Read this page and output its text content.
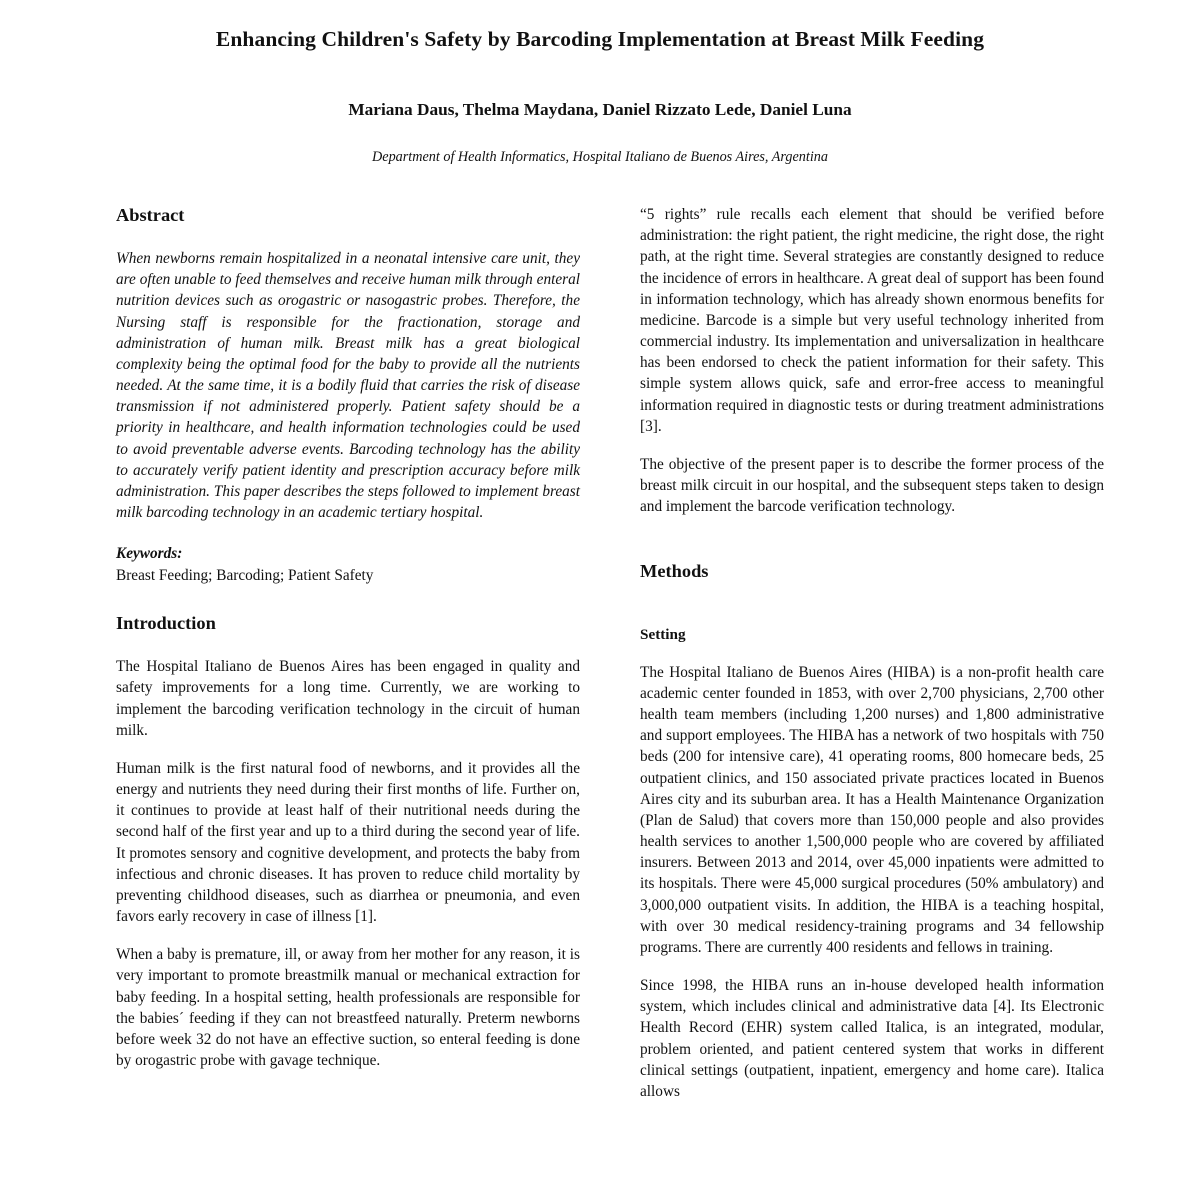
Enhancing Children's Safety by Barcoding Implementation at Breast Milk Feeding
Mariana Daus, Thelma Maydana, Daniel Rizzato Lede, Daniel Luna
Department of Health Informatics, Hospital Italiano de Buenos Aires, Argentina
Abstract

When newborns remain hospitalized in a neonatal intensive care unit, they are often unable to feed themselves and receive human milk through enteral nutrition devices such as orogastric or nasogastric probes. Therefore, the Nursing staff is responsible for the fractionation, storage and administration of human milk. Breast milk has a great biological complexity being the optimal food for the baby to provide all the nutrients needed. At the same time, it is a bodily fluid that carries the risk of disease transmission if not administered properly. Patient safety should be a priority in healthcare, and health information technologies could be used to avoid preventable adverse events. Barcoding technology has the ability to accurately verify patient identity and prescription accuracy before milk administration. This paper describes the steps followed to implement breast milk barcoding technology in an academic tertiary hospital.

Keywords:

Breast Feeding; Barcoding; Patient Safety

Introduction

The Hospital Italiano de Buenos Aires has been engaged in quality and safety improvements for a long time. Currently, we are working to implement the barcoding verification technology in the circuit of human milk.

Human milk is the first natural food of newborns, and it provides all the energy and nutrients they need during their first months of life. Further on, it continues to provide at least half of their nutritional needs during the second half of the first year and up to a third during the second year of life. It promotes sensory and cognitive development, and protects the baby from infectious and chronic diseases. It has proven to reduce child mortality by preventing childhood diseases, such as diarrhea or pneumonia, and even favors early recovery in case of illness [1].

When a baby is premature, ill, or away from her mother for any reason, it is very important to promote breastmilk manual or mechanical extraction for baby feeding. In a hospital setting, health professionals are responsible for the babies´ feeding if they can not breastfeed naturally. Preterm newborns before week 32 do not have an effective suction, so enteral feeding is done by orogastric probe with gavage technique.

“5 rights” rule recalls each element that should be verified before administration: the right patient, the right medicine, the right dose, the right path, at the right time. Several strategies are constantly designed to reduce the incidence of errors in healthcare. A great deal of support has been found in information technology, which has already shown enormous benefits for medicine. Barcode is a simple but very useful technology inherited from commercial industry. Its implementation and universalization in healthcare has been endorsed to check the patient information for their safety. This simple system allows quick, safe and error-free access to meaningful information required in diagnostic tests or during treatment administrations [3].

The objective of the present paper is to describe the former process of the breast milk circuit in our hospital, and the subsequent steps taken to design and implement the barcode verification technology.

Methods
Setting

The Hospital Italiano de Buenos Aires (HIBA) is a non-profit health care academic center founded in 1853, with over 2,700 physicians, 2,700 other health team members (including 1,200 nurses) and 1,800 administrative and support employees. The HIBA has a network of two hospitals with 750 beds (200 for intensive care), 41 operating rooms, 800 homecare beds, 25 outpatient clinics, and 150 associated private practices located in Buenos Aires city and its suburban area. It has a Health Maintenance Organization (Plan de Salud) that covers more than 150,000 people and also provides health services to another 1,500,000 people who are covered by affiliated insurers. Between 2013 and 2014, over 45,000 inpatients were admitted to its hospitals. There were 45,000 surgical procedures (50% ambulatory) and 3,000,000 outpatient visits. In addition, the HIBA is a teaching hospital, with over 30 medical residency-training programs and 34 fellowship programs. There are currently 400 residents and fellows in training.

Since 1998, the HIBA runs an in-house developed health information system, which includes clinical and administrative data [4]. Its Electronic Health Record (EHR) system called Italica, is an integrated, modular, problem oriented, and patient centered system that works in different clinical settings (outpatient, inpatient, emergency and home care). Italica allows
